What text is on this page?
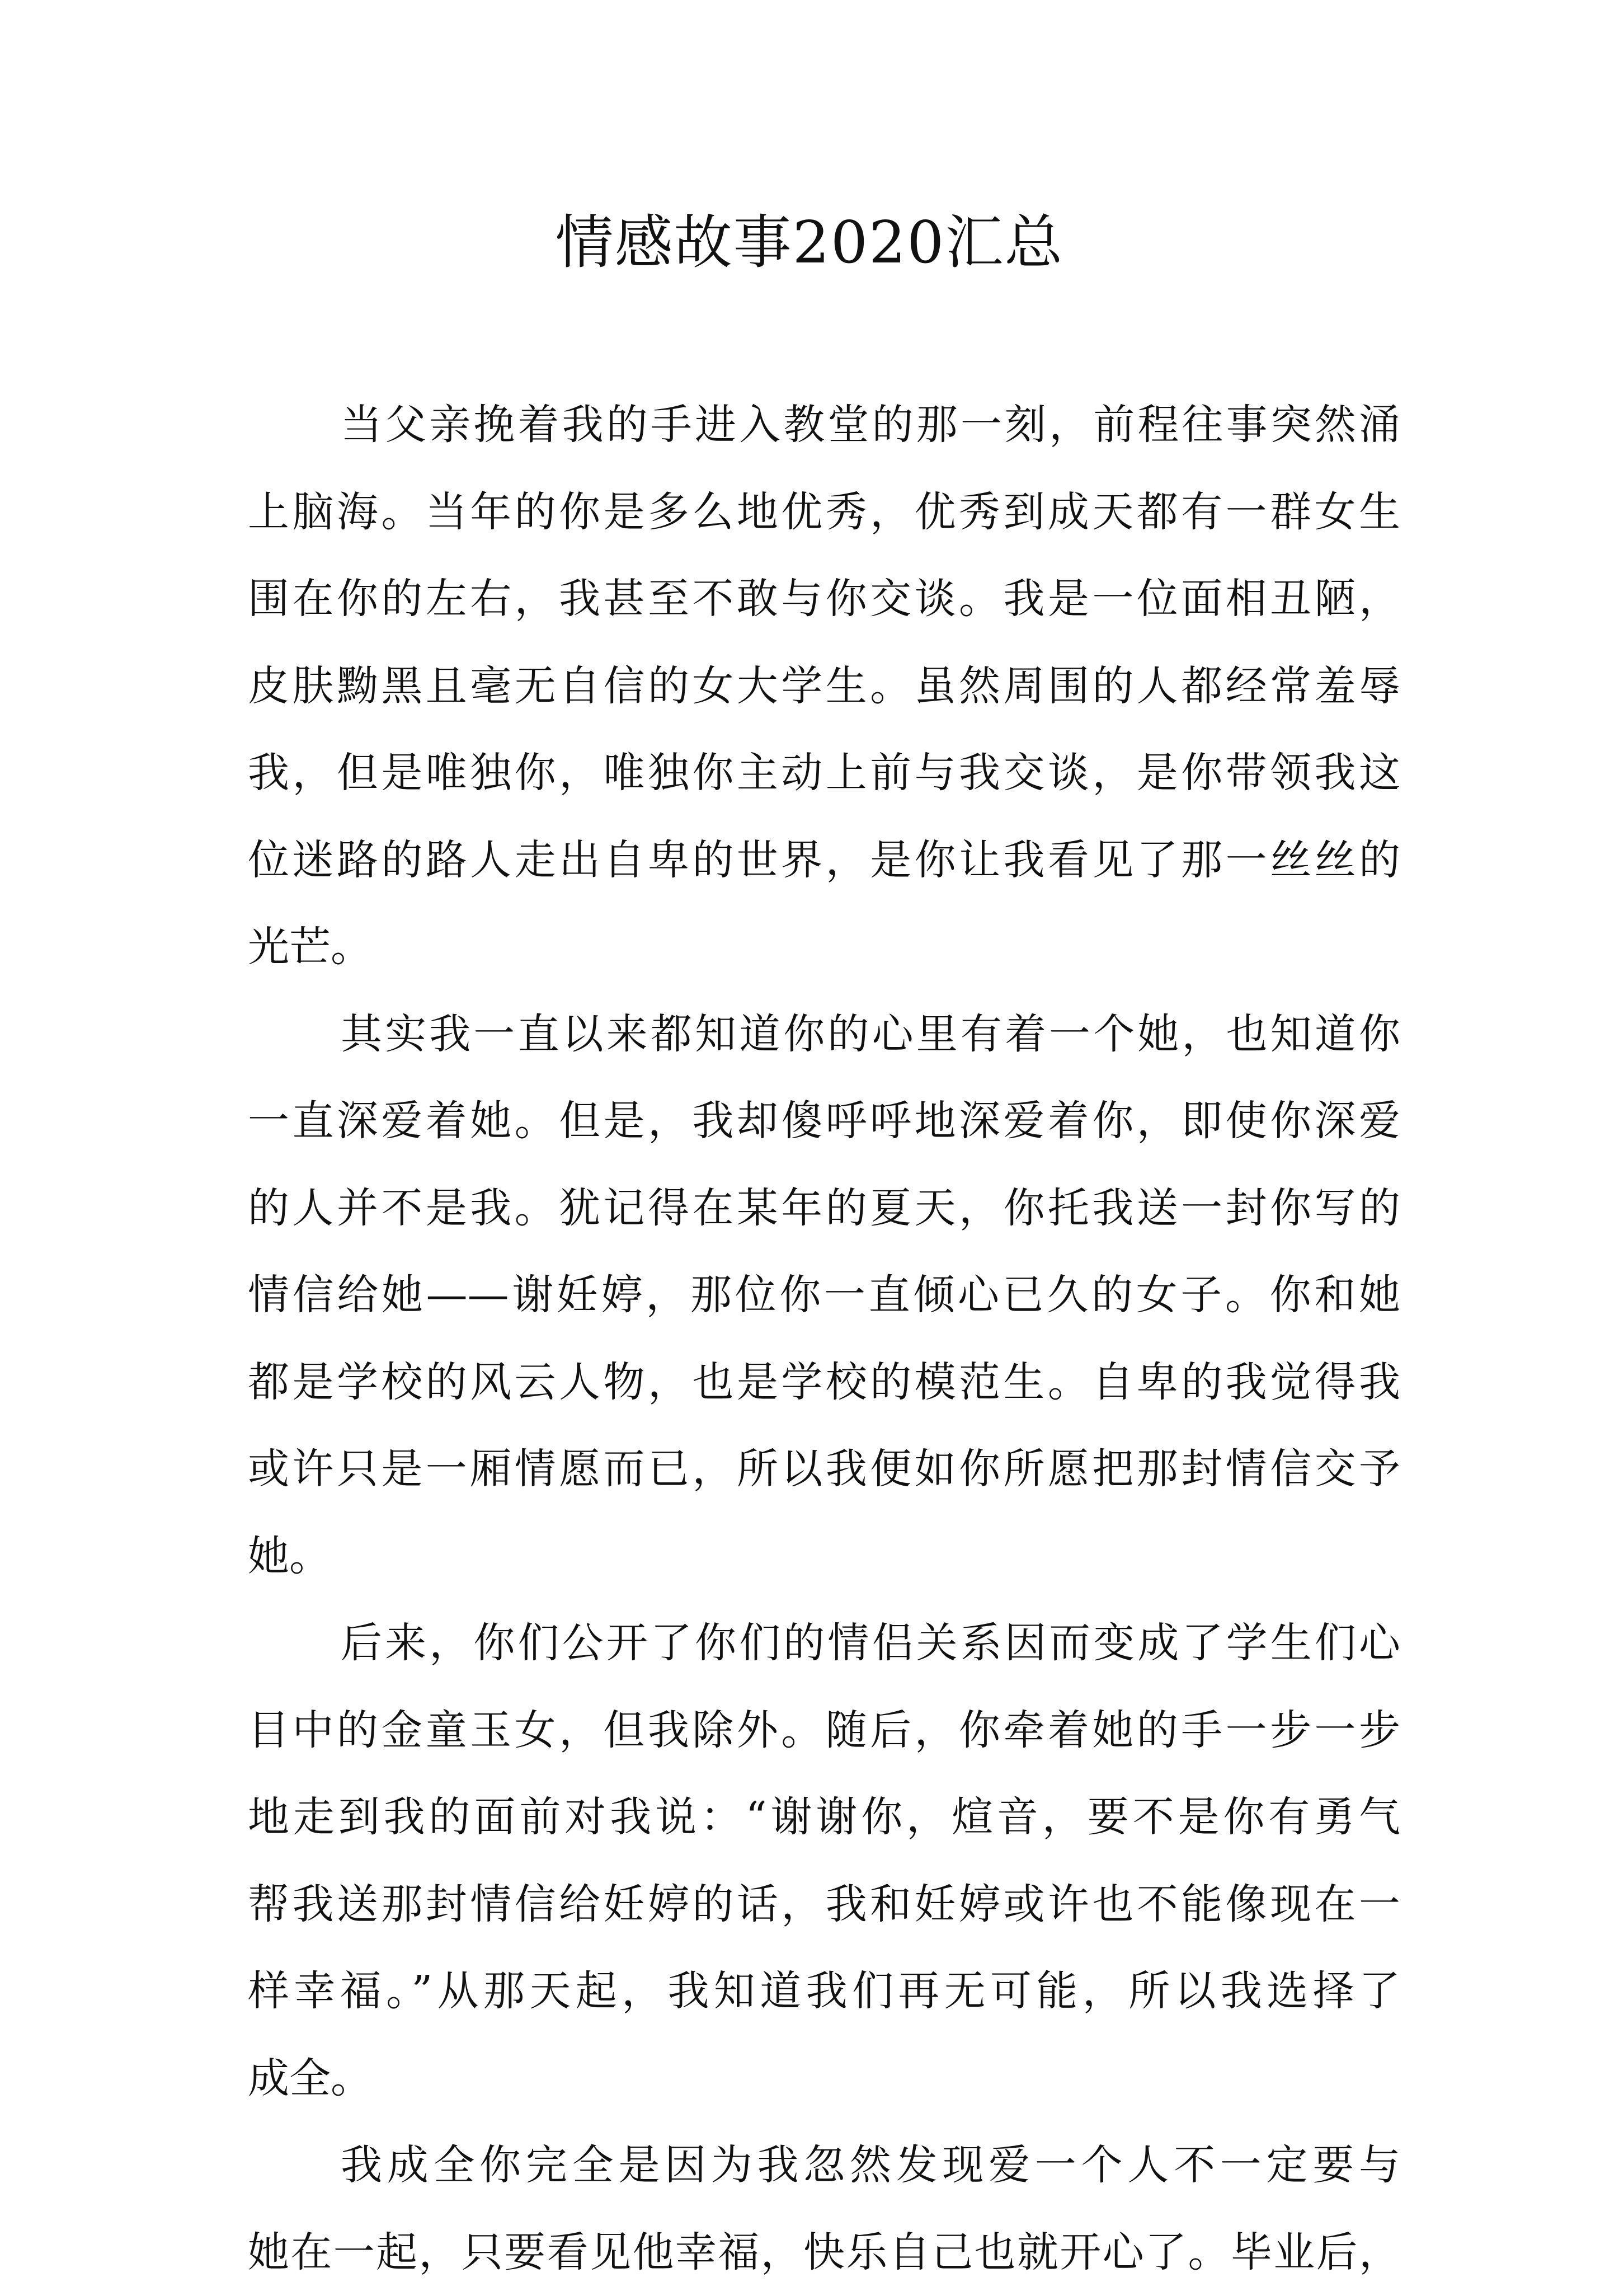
情感故事2020汇总
当父亲挽着我的手进入教堂的那一刻，前程往事突然涌
上脑海。当年的你是多么地优秀，优秀到成天都有一群女生
围在你的左右，我甚至不敢与你交谈。我是一位面相丑陋，
皮肤黝黑且毫无自信的女大学生。虽然周围的人都经常羞辱
我，但是唯独你，唯独你主动上前与我交谈，是你带领我这
位迷路的路人走出自卑的世界，是你让我看见了那一丝丝的
光芒。
其实我一直以来都知道你的心里有着一个她，也知道你
一直深爱着她。但是，我却傻呼呼地深爱着你，即使你深爱
的人并不是我。犹记得在某年的夏天，你托我送一封你写的
情信给她——谢妊婷，那位你一直倾心已久的女子。你和她
都是学校的风云人物，也是学校的模范生。自卑的我觉得我
或许只是一厢情愿而已，所以我便如你所愿把那封情信交予
她。
后来，你们公开了你们的情侣关系因而变成了学生们心
目中的金童玉女，但我除外。随后，你牵着她的手一步一步
地走到我的面前对我说：“谢谢你，煊音，要不是你有勇气
帮我送那封情信给妊婷的话，我和妊婷或许也不能像现在一
样幸福。”从那天起，我知道我们再无可能，所以我选择了
成全。
我成全你完全是因为我忽然发现爱一个人不一定要与
她在一起，只要看见他幸福，快乐自己也就开心了。毕业后，
